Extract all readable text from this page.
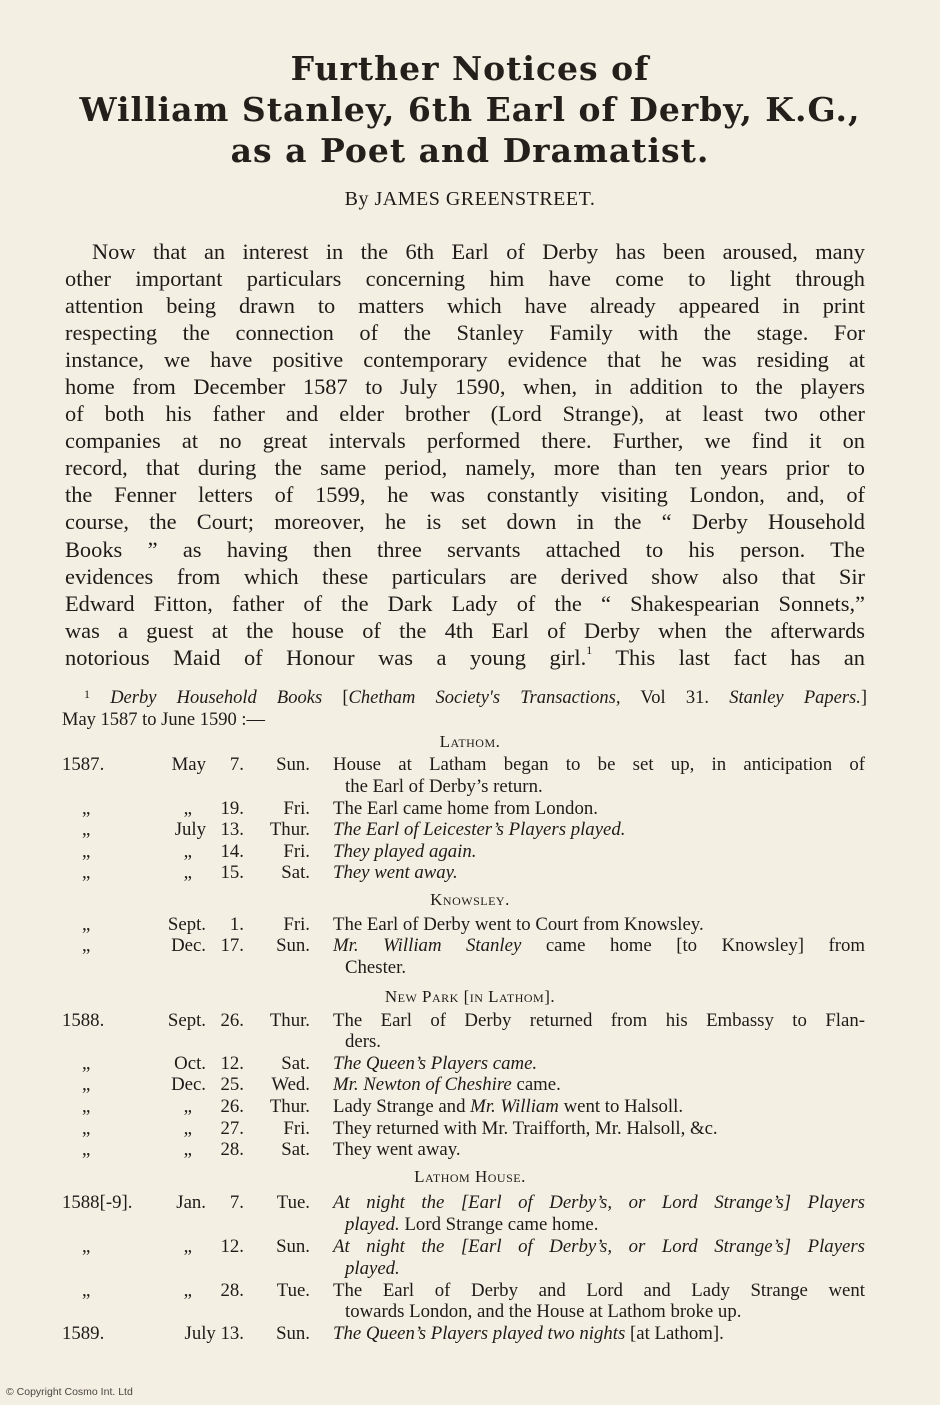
Further Notices of
William Stanley, 6th Earl of Derby, K.G.,
as a Poet and Dramatist.
By JAMES GREENSTREET.
Now that an interest in the 6th Earl of Derby has been aroused, many
other important particulars concerning him have come to light through
attention being drawn to matters which have already appeared in print
respecting the connection of the Stanley Family with the stage. For
instance, we have positive contemporary evidence that he was residing at
home from December 1587 to July 1590, when, in addition to the players
of both his father and elder brother (Lord Strange), at least two other
companies at no great intervals performed there. Further, we find it on
record, that during the same period, namely, more than ten years prior to
the Fenner letters of 1599, he was constantly visiting London, and, of
course, the Court; moreover, he is set down in the “ Derby Household
Books ” as having then three servants attached to his person. The
evidences from which these particulars are derived show also that Sir
Edward Fitton, father of the Dark Lady of the “ Shakespearian Sonnets,”
was a guest at the house of the 4th Earl of Derby when the afterwards
notorious Maid of Honour was a young girl.$^1$ This last fact has an
$^1$ Derby Household Books [Chetham Society's Transactions, Vol 31. Stanley Papers.]
May 1587 to June 1590 :—
Lathom.
1587.	May	7.	Sun. House at Latham began to be set up, in anticipation of
the Earl of Derby’s return.
„	„	19.	Fri. The Earl came home from London.
„	July 13.	Thur. The Earl of Leicester’s Players played.
„	„	14.	Fri. They played again.
„	„	15.	Sat. They went away.
Knowsley.
„	Sept.	1.	Fri. The Earl of Derby went to Court from Knowsley.
„	Dec. 17.	Sun. Mr. William Stanley came home [to Knowsley] from
Chester.
New Park [in Lathom].
1588.	Sept. 26.	Thur. The Earl of Derby returned from his Embassy to Flan-
ders.
„	Oct. 12.	Sat. The Queen’s Players came.
„	Dec. 25.	Wed. Mr. Newton of Cheshire came.
„	„	26.	Thur. Lady Strange and Mr. William went to Halsoll.
„	„	27.	Fri. They returned with Mr. Traifforth, Mr. Halsoll, &c.
„	„	28.	Sat. They went away.
Lathom House.
1588[-9].	Jan.	7.	Tue. At night the [Earl of Derby’s, or Lord Strange’s] Players
played. Lord Strange came home.
„	„	12.	Sun. At night the [Earl of Derby’s, or Lord Strange’s] Players
played.
„	„	28.	Tue. The Earl of Derby and Lord and Lady Strange went
towards London, and the House at Lathom broke up.
1589.	July 13.	Sun. The Queen’s Players played two nights [at Lathom].
© Copyright Cosmo Int. Ltd
